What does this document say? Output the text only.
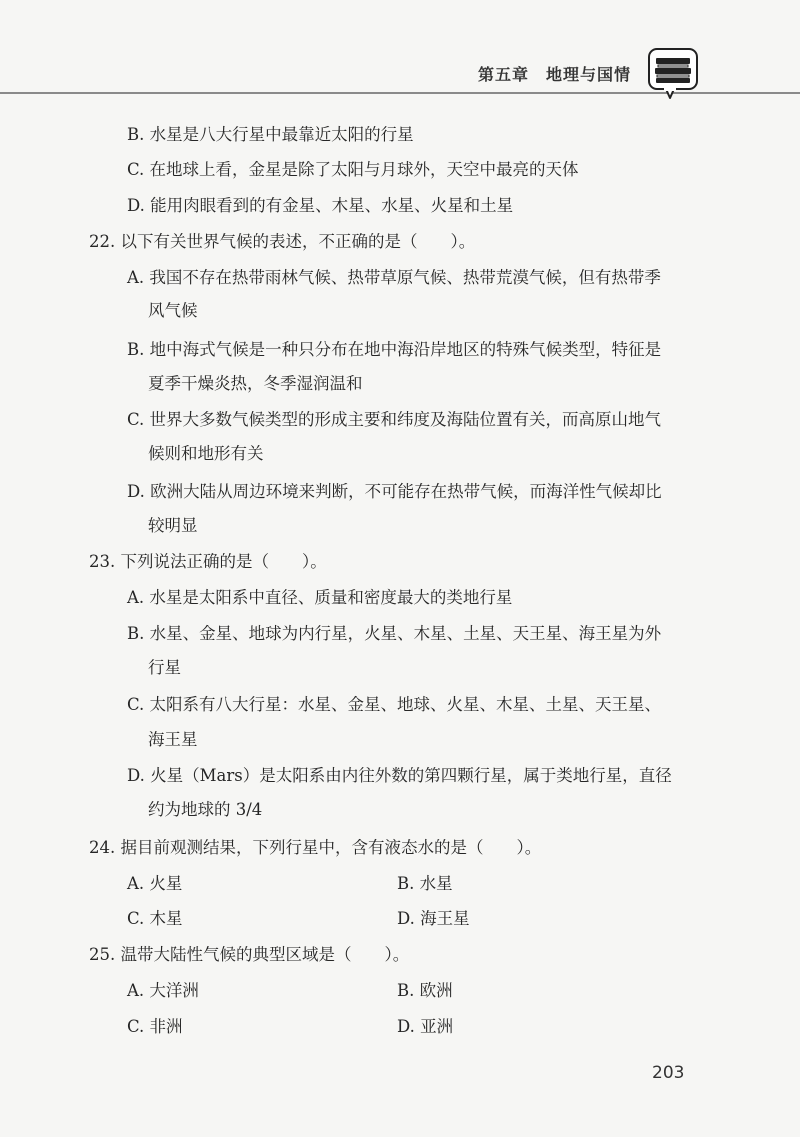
第五章　地理与国情
B. 水星是八大行星中最靠近太阳的行星
C. 在地球上看，金星是除了太阳与月球外，天空中最亮的天体
D. 能用肉眼看到的有金星、木星、水星、火星和土星
22. 以下有关世界气候的表述，不正确的是（　　）。
A. 我国不存在热带雨林气候、热带草原气候、热带荒漠气候，但有热带季
风气候
B. 地中海式气候是一种只分布在地中海沿岸地区的特殊气候类型，特征是
夏季干燥炎热，冬季湿润温和
C. 世界大多数气候类型的形成主要和纬度及海陆位置有关，而高原山地气
候则和地形有关
D. 欧洲大陆从周边环境来判断，不可能存在热带气候，而海洋性气候却比
较明显
23. 下列说法正确的是（　　）。
A. 水星是太阳系中直径、质量和密度最大的类地行星
B. 水星、金星、地球为内行星，火星、木星、土星、天王星、海王星为外
行星
C. 太阳系有八大行星：水星、金星、地球、火星、木星、土星、天王星、
海王星
D. 火星（Mars）是太阳系由内往外数的第四颗行星，属于类地行星，直径
约为地球的 3/4
24. 据目前观测结果，下列行星中，含有液态水的是（　　）。
A. 火星	B. 水星
C. 木星	D. 海王星
25. 温带大陆性气候的典型区域是（　　）。
A. 大洋洲	B. 欧洲
C. 非洲	D. 亚洲
203
